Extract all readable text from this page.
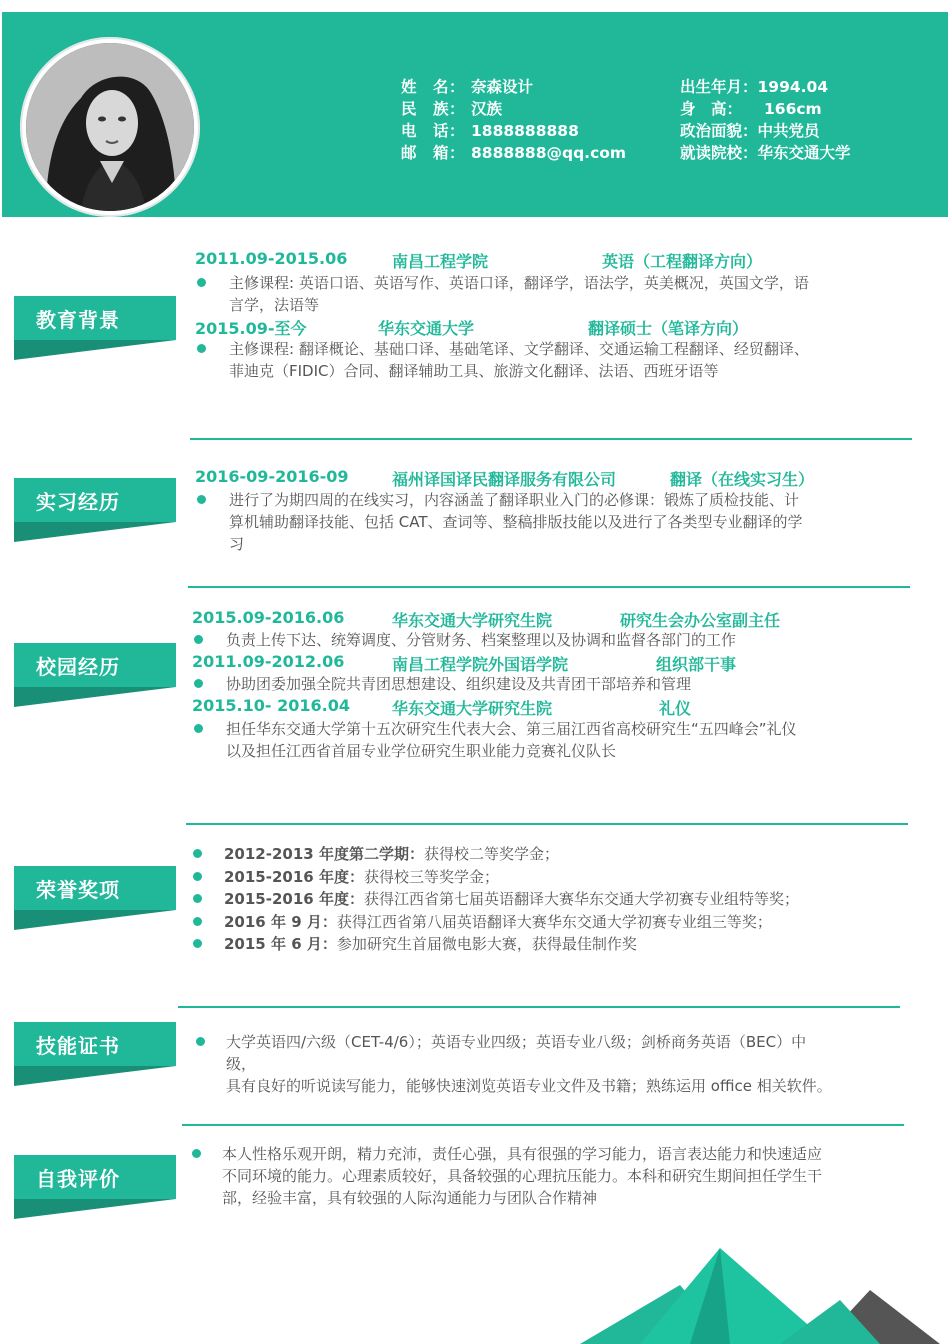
姓　名： 奈森设计
民　族： 汉族
电　话： 1888888888
邮　箱： 8888888@qq.com
出生年月：1994.04
身　高： 166cm
政治面貌：中共党员
就读院校：华东交通大学
教育背景
2011.09-2015.06	南昌工程学院	英语（工程翻译方向）
主修课程: 英语口语、英语写作、英语口译，翻译学，语法学，英美概况，英国文学，语
言学，法语等
2015.09-至今	华东交通大学	翻译硕士（笔译方向）
主修课程: 翻译概论、基础口译、基础笔译、文学翻译、交通运输工程翻译、经贸翻译、
菲迪克（FIDIC）合同、翻译辅助工具、旅游文化翻译、法语、西班牙语等
实习经历
2016-09-2016-09	福州译国译民翻译服务有限公司	翻译（在线实习生）
进行了为期四周的在线实习，内容涵盖了翻译职业入门的必修课：锻炼了质检技能、计
算机辅助翻译技能、包括 CAT、查词等、整稿排版技能以及进行了各类型专业翻译的学
习
校园经历
2015.09-2016.06	华东交通大学研究生院	研究生会办公室副主任
负责上传下达、统筹调度、分管财务、档案整理以及协调和监督各部门的工作
2011.09-2012.06	南昌工程学院外国语学院	组织部干事
协助团委加强全院共青团思想建设、组织建设及共青团干部培养和管理
2015.10- 2016.04	华东交通大学研究生院	礼仪
担任华东交通大学第十五次研究生代表大会、第三届江西省高校研究生“五四峰会”礼仪
以及担任江西省首届专业学位研究生职业能力竞赛礼仪队长
荣誉奖项
2012-2013 年度第二学期：获得校二等奖学金；
2015-2016 年度：获得校三等奖学金；
2015-2016 年度：获得江西省第七届英语翻译大赛华东交通大学初赛专业组特等奖；
2016 年 9 月：获得江西省第八届英语翻译大赛华东交通大学初赛专业组三等奖；
2015 年 6 月：参加研究生首届微电影大赛，获得最佳制作奖
技能证书	大学英语四/六级（CET-4/6）；英语专业四级；英语专业八级；剑桥商务英语（BEC）中
级，
具有良好的听说读写能力，能够快速浏览英语专业文件及书籍；熟练运用 office 相关软件。
自我评价
本人性格乐观开朗，精力充沛，责任心强，具有很强的学习能力，语言表达能力和快速适应
不同环境的能力。心理素质较好，具备较强的心理抗压能力。本科和研究生期间担任学生干
部，经验丰富，具有较强的人际沟通能力与团队合作精神
